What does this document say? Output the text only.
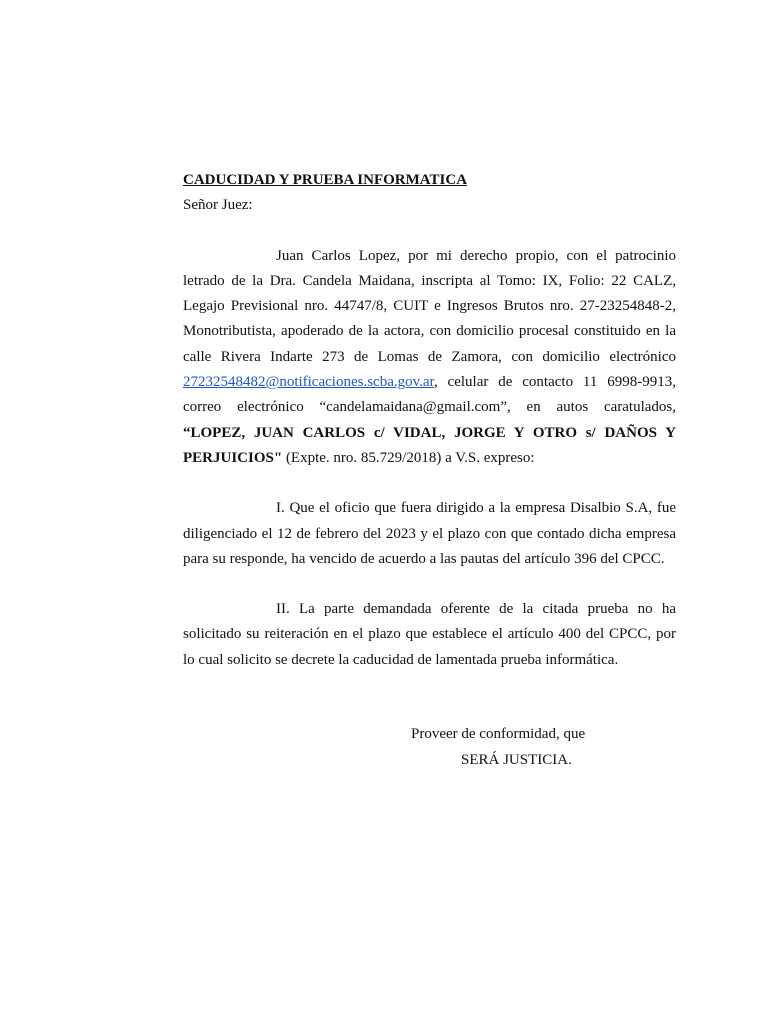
CADUCIDAD Y PRUEBA INFORMATICA

Señor Juez:

Juan Carlos Lopez, por mi derecho propio, con el patrocinio letrado de la Dra. Candela Maidana, inscripta al Tomo: IX, Folio: 22 CALZ, Legajo Previsional nro. 44747/8, CUIT e Ingresos Brutos nro. 27-23254848-2, Monotributista, apoderado de la actora, con domicilio procesal constituido en la calle Rivera Indarte 273 de Lomas de Zamora, con domicilio electrónico 27232548482@notificaciones.scba.gov.ar, celular de contacto 11 6998-9913, correo electrónico “candelamaidana@gmail.com”, en autos caratulados, “LOPEZ, JUAN CARLOS c/ VIDAL, JORGE Y OTRO s/ DAÑOS Y PERJUICIOS" (Expte. nro. 85.729/2018) a V.S. expreso:

I. Que el oficio que fuera dirigido a la empresa Disalbio S.A, fue diligenciado el 12 de febrero del 2023 y el plazo con que contado dicha empresa para su responde, ha vencido de acuerdo a las pautas del artículo 396 del CPCC.

II. La parte demandada oferente de la citada prueba no ha solicitado su reiteración en el plazo que establece el artículo 400 del CPCC, por lo cual solicito se decrete la caducidad de lamentada prueba informática.

Proveer de conformidad, que
SERÁ JUSTICIA.
